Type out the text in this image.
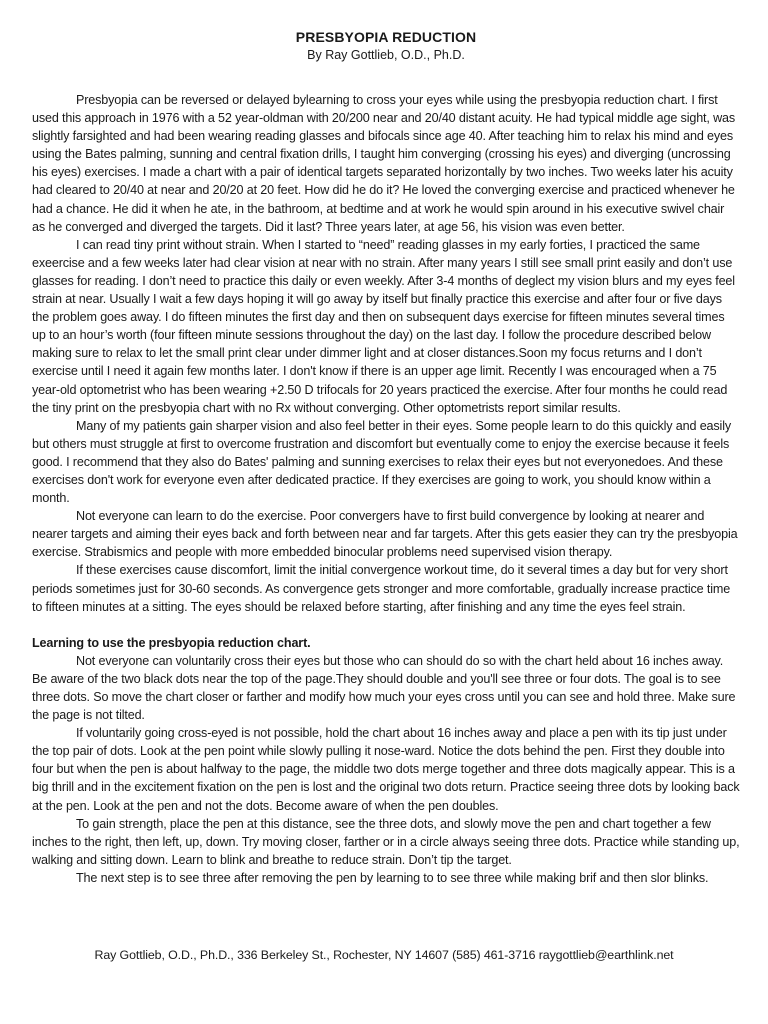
PRESBYOPIA REDUCTION
By Ray Gottlieb, O.D., Ph.D.

Presbyopia can be reversed or delayed bylearning to cross your eyes while using the presbyopia reduction chart. I first used this approach in 1976 with a 52 year-oldman with 20/200 near and 20/40 distant acuity. He had typical middle age sight, was slightly farsighted and had been wearing reading glasses and bifocals since age 40. After teaching him to relax his mind and eyes using the Bates palming, sunning and central fixation drills, I taught him converging (crossing his eyes) and diverging (uncrossing his eyes) exercises. I made a chart with a pair of identical targets separated horizontally by two inches. Two weeks later his acuity had cleared to 20/40 at near and 20/20 at 20 feet. How did he do it? He loved the converging exercise and practiced whenever he had a chance. He did it when he ate, in the bathroom, at bedtime and at work he would spin around in his executive swivel chair as he converged and diverged the targets. Did it last? Three years later, at age 56, his vision was even better.

I can read tiny print without strain. When I started to “need” reading glasses in my early forties, I practiced the same exeercise and a few weeks later had clear vision at near with no strain. After many years I still see small print easily and don’t use glasses for reading. I don’t need to practice this daily or even weekly. After 3-4 months of deglect my vision blurs and my eyes feel strain at near. Usually I wait a few days hoping it will go away by itself but finally practice this exercise and after four or five days the problem goes away. I do fifteen minutes the first day and then on subsequent days exercise for fifteen minutes several times up to an hour’s worth (four fifteen minute sessions throughout the day) on the last day. I follow the procedure described below making sure to relax to let the small print clear under dimmer light and at closer distances.Soon my focus returns and I don’t exercise until I need it again few months later. I don't know if there is an upper age limit. Recently I was encouraged when a 75 year-old optometrist who has been wearing +2.50 D trifocals for 20 years practiced the exercise. After four months he could read the tiny print on the presbyopia chart with no Rx without converging. Other optometrists report similar results.

Many of my patients gain sharper vision and also feel better in their eyes. Some people learn to do this quickly and easily but others must struggle at first to overcome frustration and discomfort but eventually come to enjoy the exercise because it feels good. I recommend that they also do Bates' palming and sunning exercises to relax their eyes but not everyonedoes. And these exercises don't work for everyone even after dedicated practice. If they exercises are going to work, you should know within a month.

Not everyone can learn to do the exercise. Poor convergers have to first build convergence by looking at nearer and nearer targets and aiming their eyes back and forth between near and far targets. After this gets easier they can try the presbyopia exercise. Strabismics and people with more embedded binocular problems need supervised vision therapy.

If these exercises cause discomfort, limit the initial convergence workout time, do it several times a day but for very short periods sometimes just for 30-60 seconds. As convergence gets stronger and more comfortable, gradually increase practice time to fifteen minutes at a sitting. The eyes should be relaxed before starting, after finishing and any time the eyes feel strain.

Learning to use the presbyopia reduction chart.

Not everyone can voluntarily cross their eyes but those who can should do so with the chart held about 16 inches away. Be aware of the two black dots near the top of the page.They should double and you'll see three or four dots. The goal is to see three dots. So move the chart closer or farther and modify how much your eyes cross until you can see and hold three. Make sure the page is not tilted.

If voluntarily going cross-eyed is not possible, hold the chart about 16 inches away and place a pen with its tip just under the top pair of dots. Look at the pen point while slowly pulling it nose-ward. Notice the dots behind the pen. First they double into four but when the pen is about halfway to the page, the middle two dots merge together and three dots magically appear. This is a big thrill and in the excitement fixation on the pen is lost and the original two dots return. Practice seeing three dots by looking back at the pen. Look at the pen and not the dots. Become aware of when the pen doubles.

To gain strength, place the pen at this distance, see the three dots, and slowly move the pen and chart together a few inches to the right, then left, up, down. Try moving closer, farther or in a circle always seeing three dots. Practice while standing up, walking and sitting down. Learn to blink and breathe to reduce strain. Don’t tip the target.

The next step is to see three after removing the pen by learning to to see three while making brif and then slor blinks.

Ray Gottlieb, O.D., Ph.D., 336 Berkeley St., Rochester, NY 14607 (585) 461-3716 raygottlieb@earthlink.net
